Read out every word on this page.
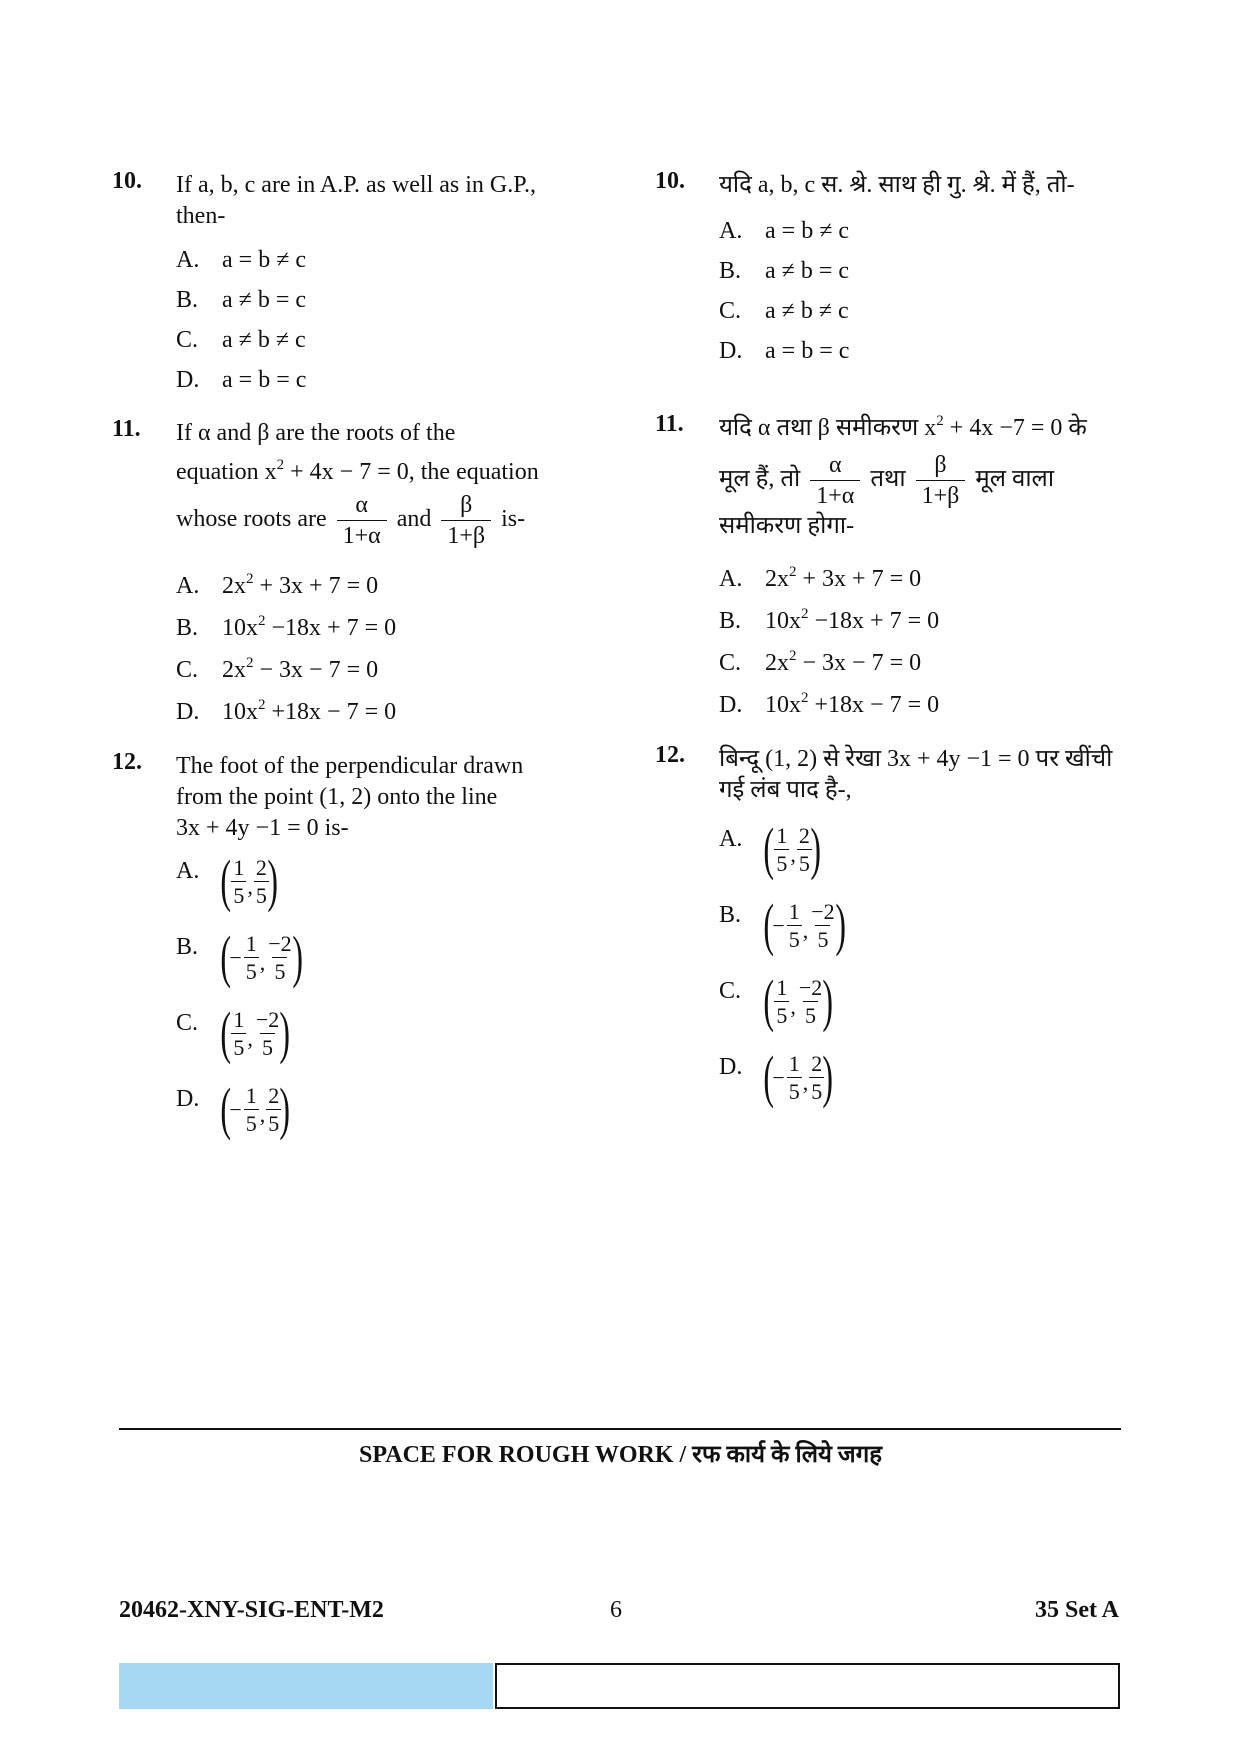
10. If a, b, c are in A.P. as well as in G.P., then-
A. a = b ≠ c
B. a ≠ b = c
C. a ≠ b ≠ c
D. a = b = c
11. If α and β are the roots of the
equation $x^2 + 4x - 7 = 0$, the equation
whose roots are $\frac{\alpha}{1+\alpha}$ and $\frac{\beta}{1+\beta} is-$
A. $2x^2 + 3x + 7 = 0$
B. $10x^2 -18x + 7 = 0$
C. $2x^2 - 3x - 7 = 0$
D. $10x^2 +18x - 7 = 0$
12. The foot of the perpendicular drawn
from the point (1, 2) onto the line
3x + 4y −1 = 0 is-
A. ( 1
5 ,
2
5 )
B. (
− $\frac{1}{5}$ ,
−2
5 )
C. ( 1
5 ,
−2
5 )
D. (
− $\frac{1}{5}$ ,
2
5 )
10. यदि a, b, c स. श्रे. साथ ही गु. श्रे. में हैं, तो-
A. a = b ≠ c
B. a ≠ b = c
C. a ≠ b ≠ c
D. a = b = c
11. यदि α तथा β समीकरण $x^2 + 4x -7 = 0$ के
मूल हैं, तो $\frac{\alpha}{1+\alpha}$ तथा $\frac{\beta}{1+\beta}$ मूल वाला
समीकरण होगा-
A. $2x^2 + 3x + 7 = 0$
B. $10x^2 -18x + 7 = 0$
C. $2x^2 - 3x - 7 = 0$
D. $10x^2 +18x - 7 = 0$
12. बिन्दू (1, 2) से रेखा 3x + 4y −1 = 0 पर खींची
गई लंब पाद है-,
A. ( 1
5 ,
2
5 )
B. (
− $\frac{1}{5}$ ,
−2
5 )
C. ( 1
5 ,
−2
5 )
D. (
− $\frac{1}{5}$ ,
2
5 )
SPACE FOR ROUGH WORK / रफ कार्य के लिये जगह
20462-XNY-SIG-ENT-M2	6	35 Set A
